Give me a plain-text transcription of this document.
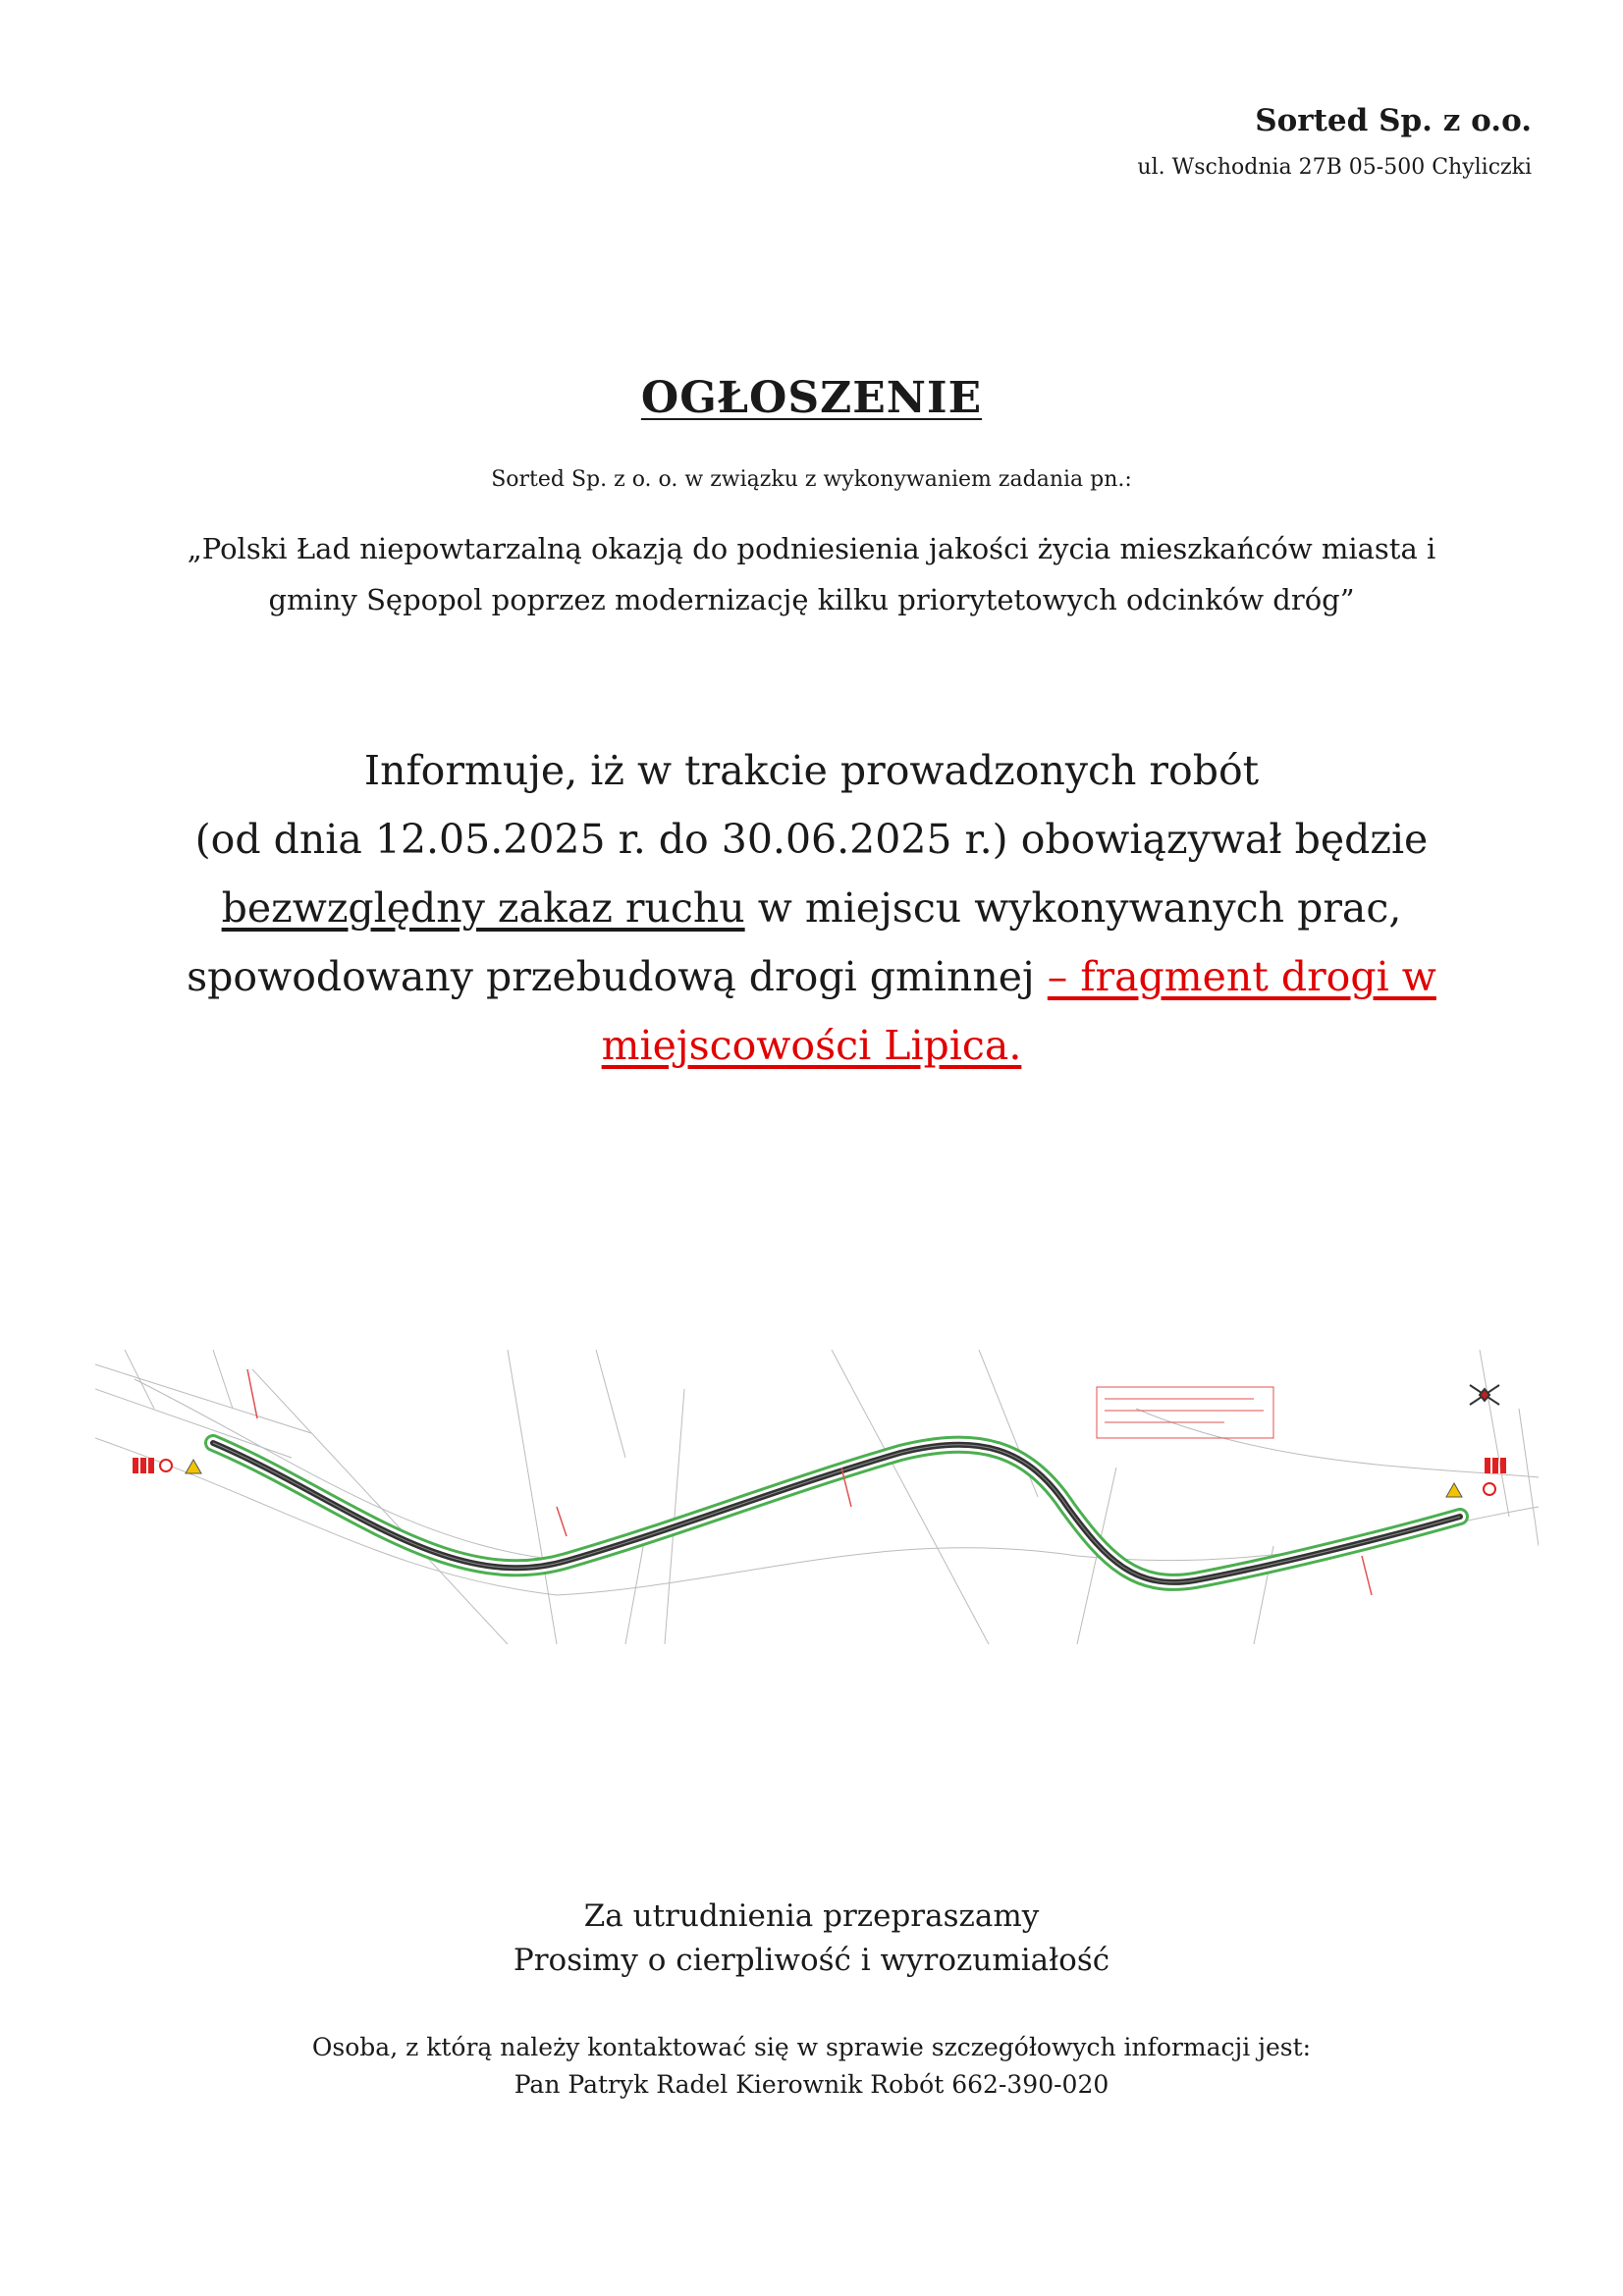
Sorted Sp. z o.o.

ul. Wschodnia 27B 05-500 Chyliczki

OGŁOSZENIE

Sorted Sp. z o. o. w związku z wykonywaniem zadania pn.:

„Polski Ład niepowtarzalną okazją do podniesienia jakości życia mieszkańców miasta i
gminy Sępopol poprzez modernizację kilku priorytetowych odcinków dróg”

Informuje, iż w trakcie prowadzonych robót
(od dnia 12.05.2025 r. do 30.06.2025 r.) obowiązywał będzie
bezwzględny zakaz ruchu w miejscu wykonywanych prac,
spowodowany przebudową drogi gminnej – fragment drogi w
miejscowości Lipica.

Za utrudnienia przepraszamy
Prosimy o cierpliwość i wyrozumiałość

Osoba, z którą należy kontaktować się w sprawie szczegółowych informacji jest:
Pan Patryk Radel Kierownik Robót 662-390-020
